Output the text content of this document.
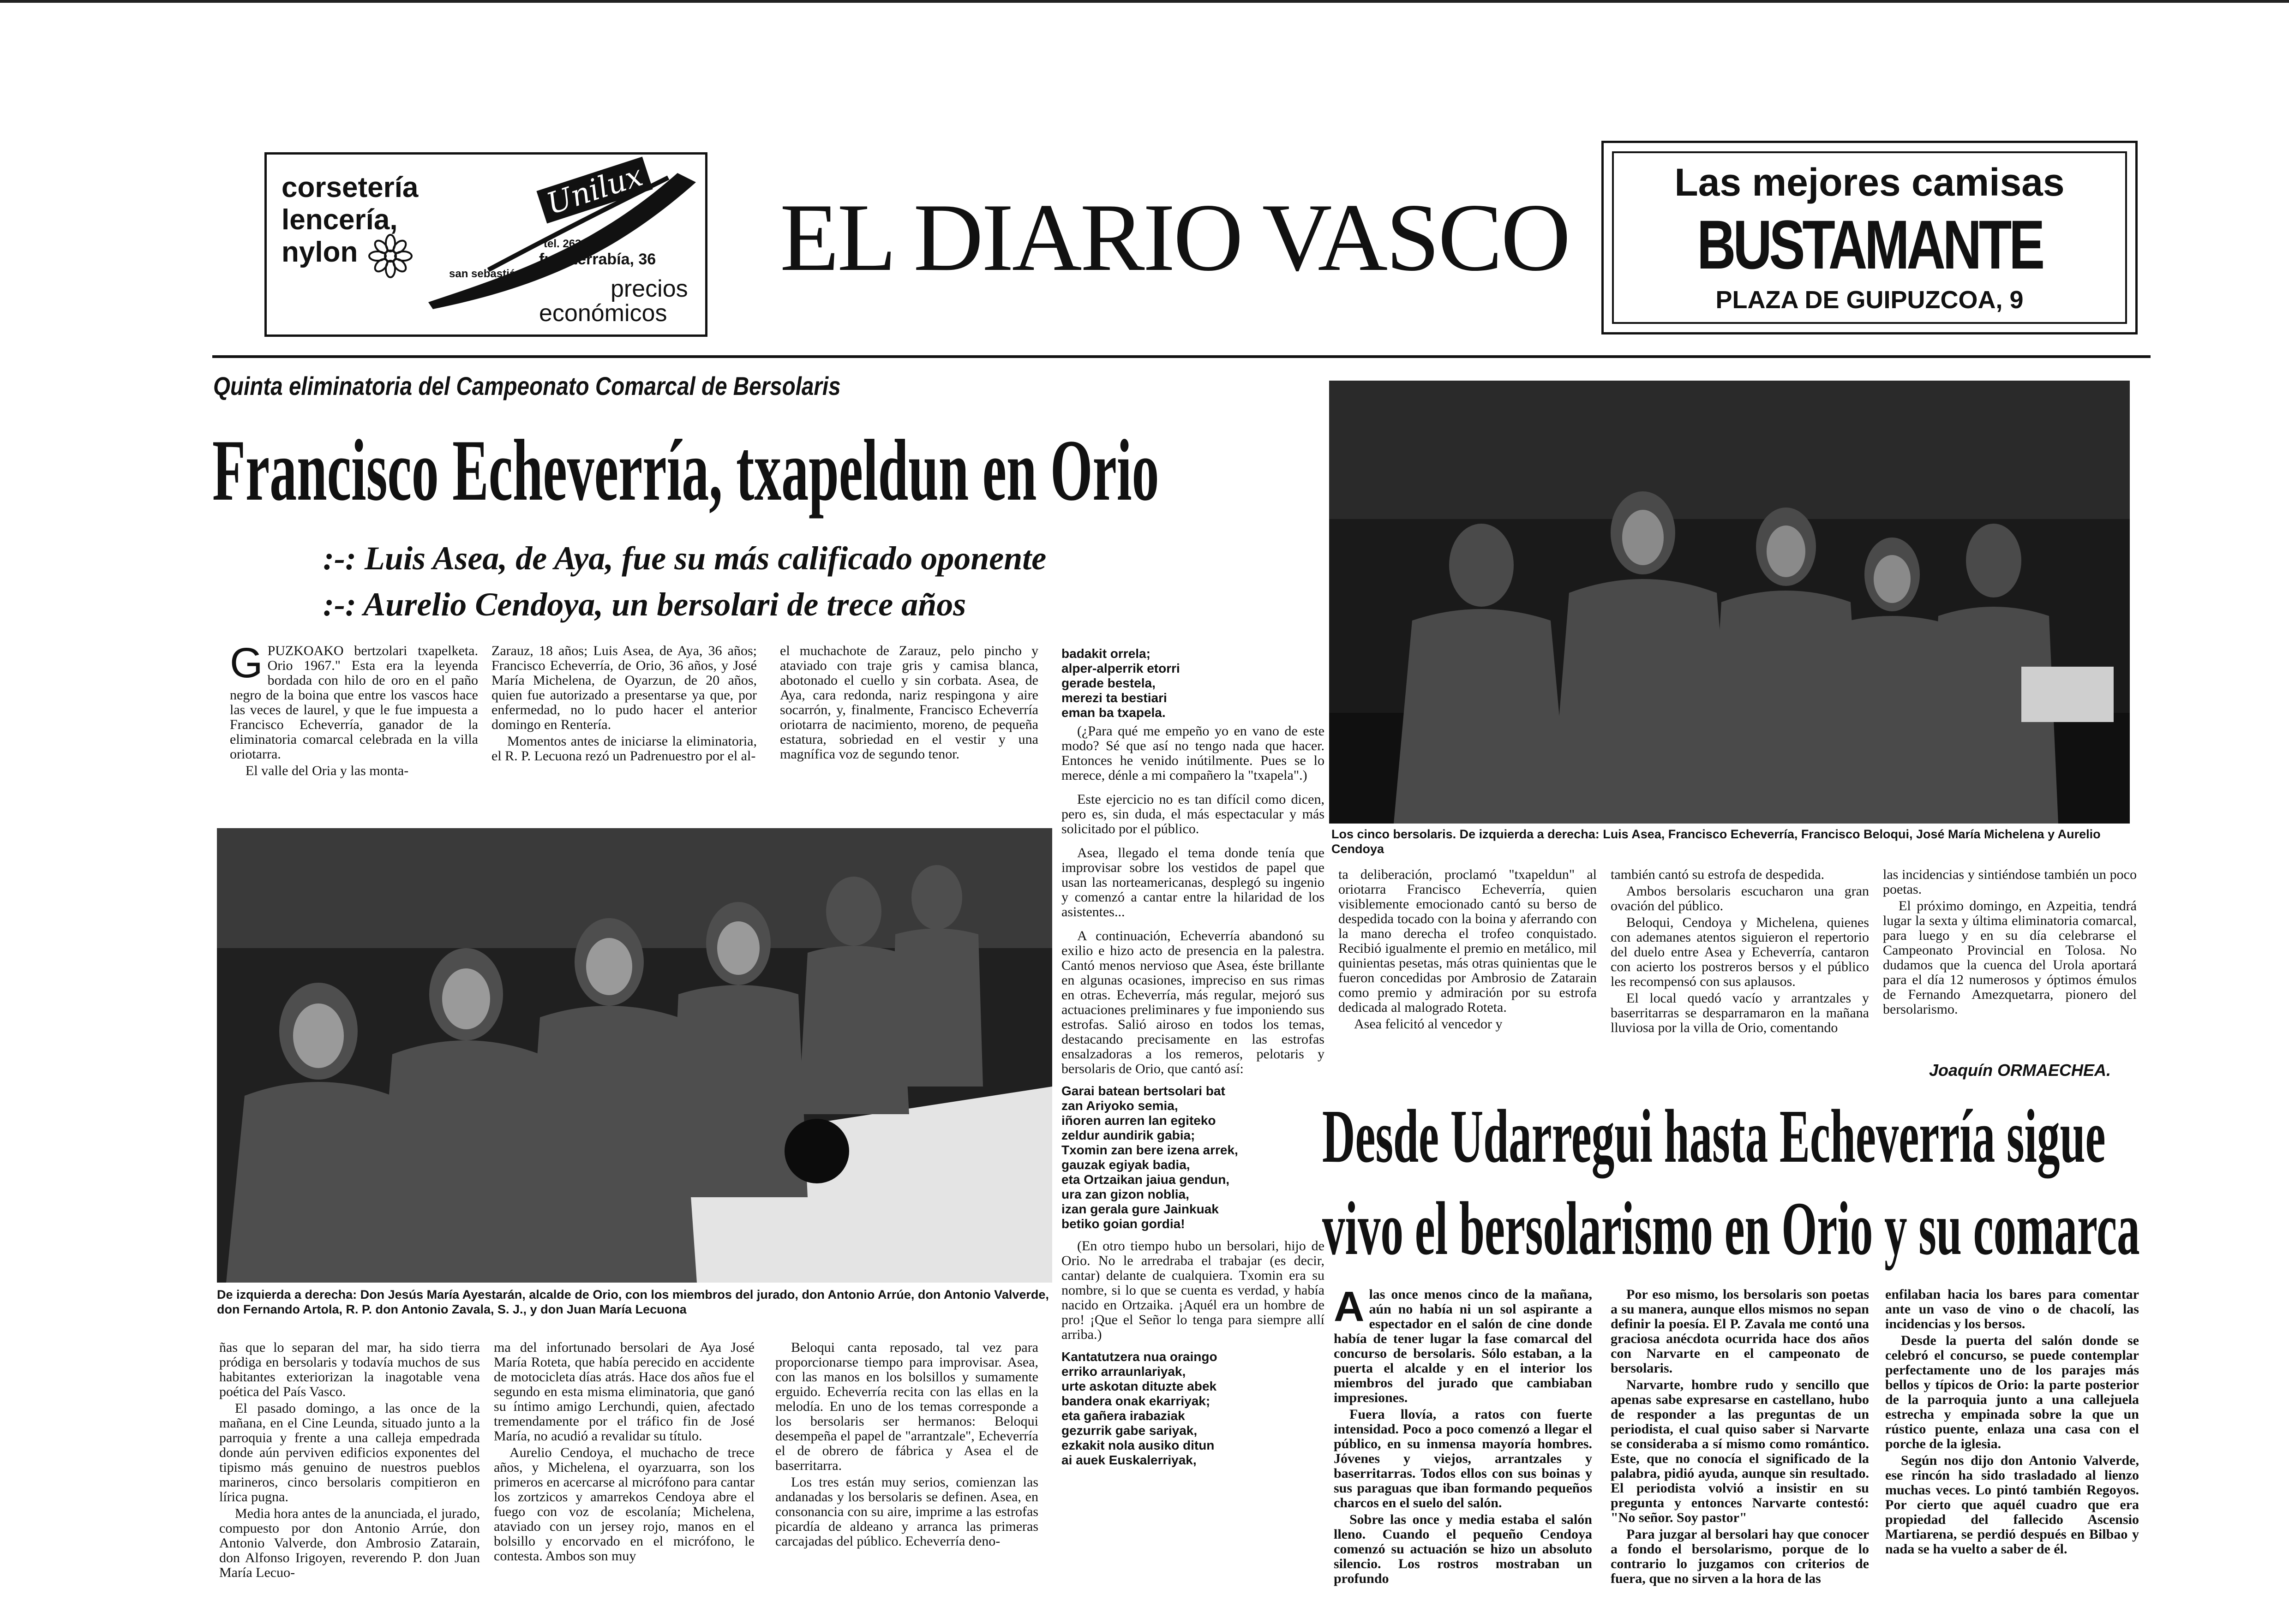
corsetería
lencería,
nylon
Unilux
tel. 26312
fuenterrabía, 36
san sebastián
precios
económicos
EL DIARIO VASCO
Las mejores camisas
BUSTAMANTE
PLAZA DE GUIPUZCOA, 9
Quinta eliminatoria del Campeonato Comarcal de Bersolaris
Francisco Echeverría, txapeldun en Orio
:-: Luis Asea, de Aya, fue su más calificado oponente
:-: Aurelio Cendoya, un bersolari de trece años
G PUZKOAKO bertzolari txapelketa. Orio 1967." Esta era la leyenda bordada con hilo de oro en el paño negro de la boina que entre los vascos hace las veces de laurel, y que le fue impuesta a Francisco Echeverría, ganador de la eliminatoria comarcal celebrada en la villa oriotarra.

El valle del Oria y las monta-

Zarauz, 18 años; Luis Asea, de Aya, 36 años; Francisco Echeverría, de Orio, 36 años, y José María Michelena, de Oyarzun, de 20 años, quien fue autorizado a presentarse ya que, por enfermedad, no lo pudo hacer el anterior domingo en Rentería.

Momentos antes de iniciarse la eliminatoria, el R. P. Lecuona rezó un Padrenuestro por el al-

el muchachote de Zarauz, pelo pincho y ataviado con traje gris y camisa blanca, abotonado el cuello y sin corbata. Asea, de Aya, cara redonda, nariz respingona y aire socarrón, y, finalmente, Francisco Echeverría oriotarra de nacimiento, moreno, de pequeña estatura, sobriedad en el vestir y una magnífica voz de segundo tenor.

badakit orrela;
alper-alperrik etorri
gerade bestela,
merezi ta bestiari
eman ba txapela.

(¿Para qué me empeño yo en vano de este modo? Sé que así no tengo nada que hacer. Entonces he venido inútilmente. Pues se lo merece, dénle a mi compañero la "txapela".)

Este ejercicio no es tan difícil como dicen, pero es, sin duda, el más espectacular y más solicitado por el público.

Asea, llegado el tema donde tenía que improvisar sobre los vestidos de papel que usan las norteamericanas, desplegó su ingenio y comenzó a cantar entre la hilaridad de los asistentes...

A continuación, Echeverría abandonó su exilio e hizo acto de presencia en la palestra. Cantó menos nervioso que Asea, éste brillante en algunas ocasiones, impreciso en sus rimas en otras. Echeverría, más regular, mejoró sus actuaciones preliminares y fue imponiendo sus estrofas. Salió airoso en todos los temas, destacando precisamente en las estrofas ensalzadoras a los remeros, pelotaris y bersolaris de Orio, que cantó así:

Garai batean bertsolari bat
zan Ariyoko semia,
iñoren aurren lan egiteko
zeldur aundirik gabia;
Txomin zan bere izena arrek,
gauzak egiyak badia,
eta Ortzaikan jaiua gendun,
ura zan gizon noblia,
izan gerala gure Jainkuak
betiko goian gordia!

(En otro tiempo hubo un bersolari, hijo de Orio. No le arredraba el trabajar (es decir, cantar) delante de cualquiera. Txomin era su nombre, si lo que se cuenta es verdad, y había nacido en Ortzaika. ¡Aquél era un hombre de pro! ¡Que el Señor lo tenga para siempre allí arriba.)

Kantatutzera nua oraingo
erriko arraunlariyak,
urte askotan dituzte abek
bandera onak ekarriyak;
eta gañera irabaziak
gezurrik gabe sariyak,
ezkakit nola ausiko ditun
ai auek Euskalerriyak,
Los cinco bersolaris. De izquierda a derecha: Luis Asea, Francisco Echeverría, Francisco Beloqui, José María Michelena y Aurelio Cendoya
De izquierda a derecha: Don Jesús María Ayestarán, alcalde de Orio, con los miembros del jurado, don Antonio Arrúe, don Antonio Valverde, don Fernando Artola, R. P. don Antonio Zavala, S. J., y don Juan María Lecuona

ta deliberación, proclamó "txapeldun" al oriotarra Francisco Echeverría, quien visiblemente emocionado cantó su berso de despedida tocado con la boina y aferrando con la mano derecha el trofeo conquistado. Recibió igualmente el premio en metálico, mil quinientas pesetas, más otras quinientas que le fueron concedidas por Ambrosio de Zatarain como premio y admiración por su estrofa dedicada al malogrado Roteta.

Asea felicitó al vencedor y

también cantó su estrofa de despedida.

Ambos bersolaris escucharon una gran ovación del público.

Beloqui, Cendoya y Michelena, quienes con ademanes atentos siguieron el repertorio del duelo entre Asea y Echeverría, cantaron con acierto los postreros bersos y el público les recompensó con sus aplausos.

El local quedó vacío y arrantzales y baserritarras se desparramaron en la mañana lluviosa por la villa de Orio, comentando

las incidencias y sintiéndose también un poco poetas.

El próximo domingo, en Azpeitia, tendrá lugar la sexta y última eliminatoria comarcal, para luego y en su día celebrarse el Campeonato Provincial en Tolosa. No dudamos que la cuenca del Urola aportará para el día 12 numerosos y óptimos émulos de Fernando Amezquetarra, pionero del bersolarismo.

Joaquín ORMAECHEA.
Desde Udarregui hasta Echeverría sigue
vivo el bersolarismo en Orio y su comarca
A las once menos cinco de la mañana, aún no había ni un sol aspirante a espectador en el salón de cine donde había de tener lugar la fase comarcal del concurso de bersolaris. Sólo estaban, a la puerta el alcalde y en el interior los miembros del jurado que cambiaban impresiones.

Fuera llovía, a ratos con fuerte intensidad. Poco a poco comenzó a llegar el público, en su inmensa mayoría hombres. Jóvenes y viejos, arrantzales y baserritarras. Todos ellos con sus boinas y sus paraguas que iban formando pequeños charcos en el suelo del salón.

Sobre las once y media estaba el salón lleno. Cuando el pequeño Cendoya comenzó su actuación se hizo un absoluto silencio. Los rostros mostraban un profundo

Por eso mismo, los bersolaris son poetas a su manera, aunque ellos mismos no sepan definir la poesía. El P. Zavala me contó una graciosa anécdota ocurrida hace dos años con Narvarte en el campeonato de bersolaris.

Narvarte, hombre rudo y sencillo que apenas sabe expresarse en castellano, hubo de responder a las preguntas de un periodista, el cual quiso saber si Narvarte se consideraba a sí mismo como romántico. Este, que no conocía el significado de la palabra, pidió ayuda, aunque sin resultado. El periodista volvió a insistir en su pregunta y entonces Narvarte contestó: "No señor. Soy pastor"

Para juzgar al bersolari hay que conocer a fondo el bersolarismo, porque de lo contrario lo juzgamos con criterios de fuera, que no sirven a la hora de las

enfilaban hacia los bares para comentar ante un vaso de vino o de chacolí, las incidencias y los bersos.

Desde la puerta del salón donde se celebró el concurso, se puede contemplar perfectamente uno de los parajes más bellos y típicos de Orio: la parte posterior de la parroquia junto a una callejuela estrecha y empinada sobre la que un rústico puente, enlaza una casa con el porche de la iglesia.

Según nos dijo don Antonio Valverde, ese rincón ha sido trasladado al lienzo muchas veces. Lo pintó también Regoyos. Por cierto que aquél cuadro que era propiedad del fallecido Ascensio Martiarena, se perdió después en Bilbao y nada se ha vuelto a saber de él.

ñas que lo separan del mar, ha sido tierra pródiga en bersolaris y todavía muchos de sus habitantes exteriorizan la inagotable vena poética del País Vasco.

El pasado domingo, a las once de la mañana, en el Cine Leunda, situado junto a la parroquia y frente a una calleja empedrada donde aún perviven edificios exponentes del tipismo más genuino de nuestros pueblos marineros, cinco bersolaris compitieron en lírica pugna.

Media hora antes de la anunciada, el jurado, compuesto por don Antonio Arrúe, don Antonio Valverde, don Ambrosio Zatarain, don Alfonso Irigoyen, reverendo P. don Juan María Lecuo-

ma del infortunado bersolari de Aya José María Roteta, que había perecido en accidente de motocicleta días atrás. Hace dos años fue el segundo en esta misma eliminatoria, que ganó su íntimo amigo Lerchundi, quien, afectado tremendamente por el tráfico fin de José María, no acudió a revalidar su título.

Aurelio Cendoya, el muchacho de trece años, y Michelena, el oyarzuarra, son los primeros en acercarse al micrófono para cantar los zortzicos y amarrekos Cendoya abre el fuego con voz de escolanía; Michelena, ataviado con un jersey rojo, manos en el bolsillo y encorvado en el micrófono, le contesta. Ambos son muy

Beloqui canta reposado, tal vez para proporcionarse tiempo para improvisar. Asea, con las manos en los bolsillos y sumamente erguido. Echeverría recita con las ellas en la melodía. En uno de los temas corresponde a los bersolaris ser hermanos: Beloqui desempeña el papel de "arrantzale", Echeverría el de obrero de fábrica y Asea el de baserritarra.

Los tres están muy serios, comienzan las andanadas y los bersolaris se definen. Asea, en consonancia con su aire, imprime a las estrofas picardía de aldeano y arranca las primeras carcajadas del público. Echeverría deno-
